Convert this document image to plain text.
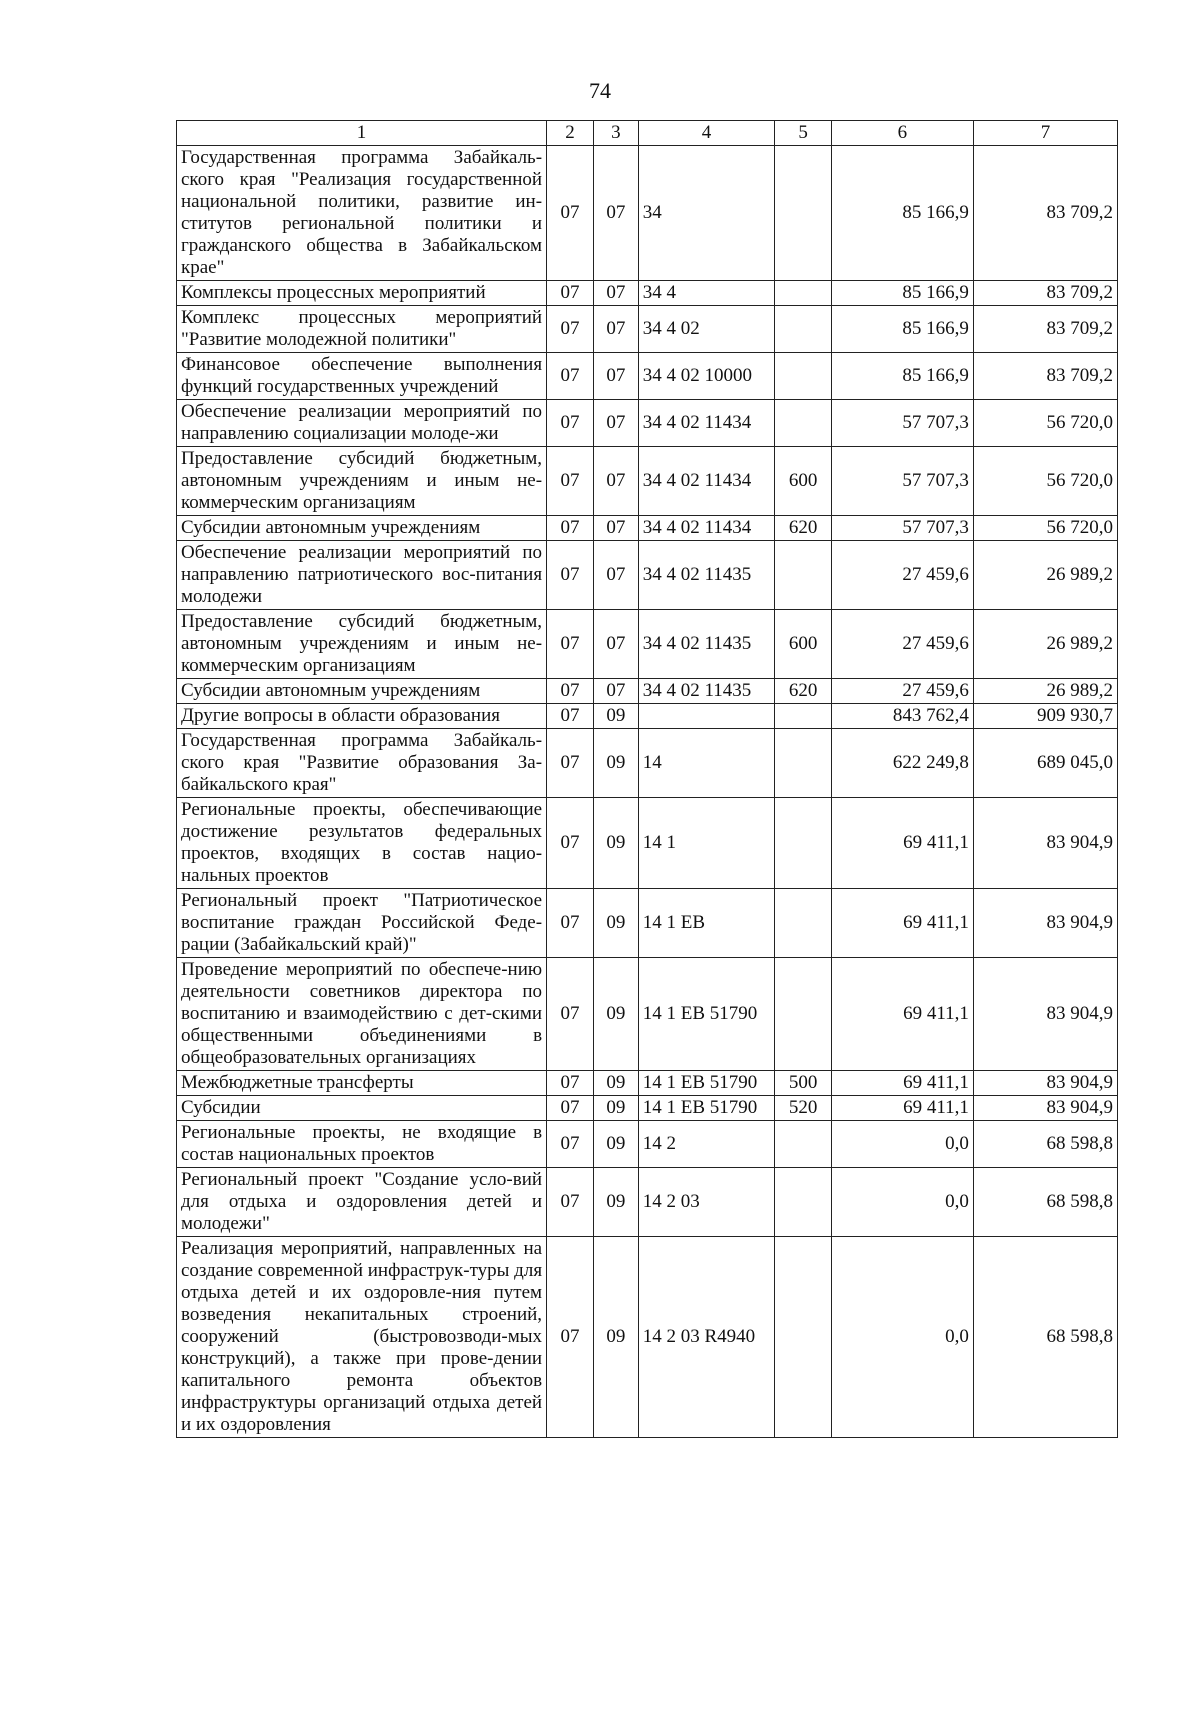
74
1	2	3	4	5	6	7
Государственная программа Забайкаль-ского края "Реализация государственной национальной политики, развитие ин-ститутов региональной политики и гражданского общества в Забайкальском крае"	07	07	34		85 166,9	83 709,2
Комплексы процессных мероприятий	07	07	34 4		85 166,9	83 709,2
Комплекс процессных мероприятий "Развитие молодежной политики"	07	07	34 4 02		85 166,9	83 709,2
Финансовое обеспечение выполнения функций государственных учреждений	07	07	34 4 02 10000		85 166,9	83 709,2
Обеспечение реализации мероприятий по направлению социализации молоде-жи	07	07	34 4 02 11434		57 707,3	56 720,0
Предоставление субсидий бюджетным, автономным учреждениям и иным не-коммерческим организациям	07	07	34 4 02 11434	600	57 707,3	56 720,0
Субсидии автономным учреждениям	07	07	34 4 02 11434	620	57 707,3	56 720,0
Обеспечение реализации мероприятий по направлению патриотического вос-питания молодежи	07	07	34 4 02 11435		27 459,6	26 989,2
Предоставление субсидий бюджетным, автономным учреждениям и иным не-коммерческим организациям	07	07	34 4 02 11435	600	27 459,6	26 989,2
Субсидии автономным учреждениям	07	07	34 4 02 11435	620	27 459,6	26 989,2
Другие вопросы в области образования	07	09			843 762,4	909 930,7
Государственная программа Забайкаль-ского края "Развитие образования За-байкальского края"	07	09	14		622 249,8	689 045,0
Региональные проекты, обеспечивающие достижение результатов федеральных проектов, входящих в состав нацио-нальных проектов	07	09	14 1		69 411,1	83 904,9
Региональный проект "Патриотическое воспитание граждан Российской Феде-рации (Забайкальский край)"	07	09	14 1 ЕВ		69 411,1	83 904,9
Проведение мероприятий по обеспече-нию деятельности советников директора по воспитанию и взаимодействию с дет-скими общественными объединениями в общеобразовательных организациях	07	09	14 1 ЕВ 51790		69 411,1	83 904,9
Межбюджетные трансферты	07	09	14 1 ЕВ 51790	500	69 411,1	83 904,9
Субсидии	07	09	14 1 ЕВ 51790	520	69 411,1	83 904,9
Региональные проекты, не входящие в состав национальных проектов	07	09	14 2		0,0	68 598,8
Региональный проект "Создание усло-вий для отдыха и оздоровления детей и молодежи"	07	09	14 2 03		0,0	68 598,8
Реализация мероприятий, направленных на создание современной инфраструк-туры для отдыха детей и их оздоровле-ния путем возведения некапитальных строений, сооружений (быстровозводи-мых конструкций), а также при прове-дении капитального ремонта объектов инфраструктуры организаций отдыха детей и их оздоровления	07	09	14 2 03 R4940		0,0	68 598,8
